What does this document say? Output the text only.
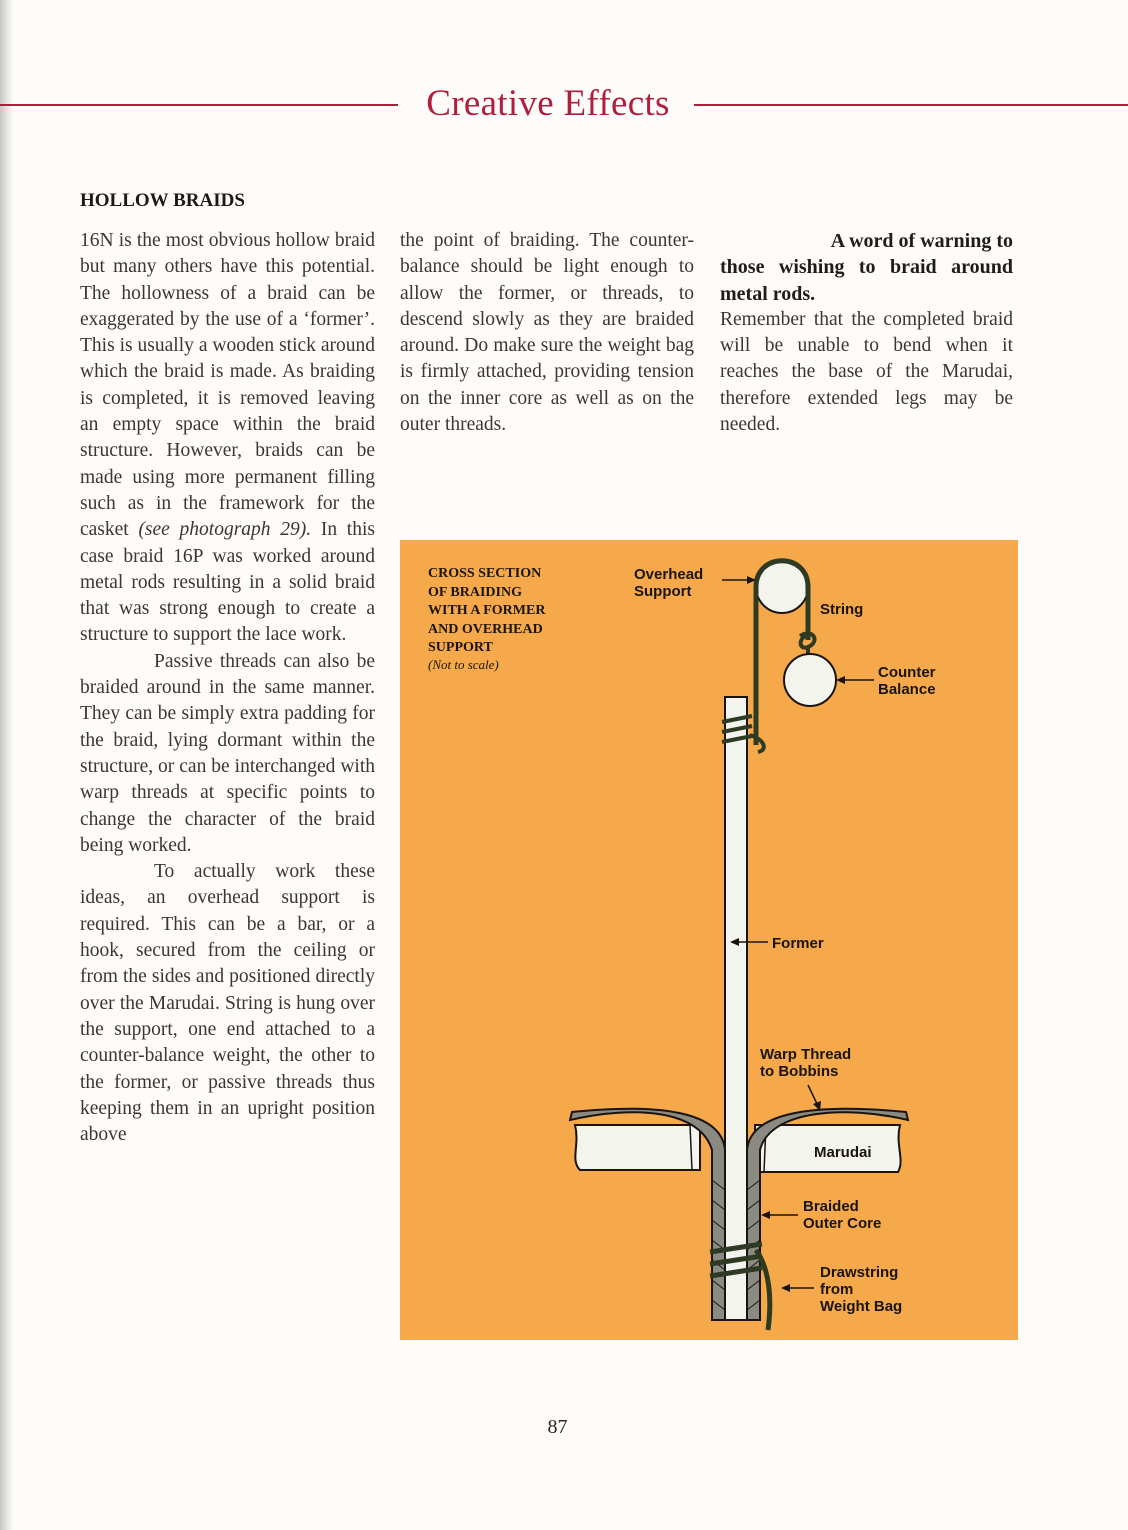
Creative Effects
HOLLOW BRAIDS

16N is the most obvious hollow braid but many others have this potential. The hollowness of a braid can be exaggerated by the use of a ‘former’. This is usually a wooden stick around which the braid is made. As braiding is completed, it is removed leaving an empty space within the braid structure. However, braids can be made using more permanent filling such as in the framework for the casket (see photograph 29). In this case braid 16P was worked around metal rods resulting in a solid braid that was strong enough to create a structure to support the lace work.

Passive threads can also be braided around in the same manner. They can be simply extra padding for the braid, lying dormant within the structure, or can be interchanged with warp threads at specific points to change the character of the braid being worked.

To actually work these ideas, an overhead support is required. This can be a bar, or a hook, secured from the ceiling or from the sides and positioned directly over the Marudai. String is hung over the support, one end attached to a counter-balance weight, the other to the former, or passive threads thus keeping them in an upright position above

the point of braiding. The counter-balance should be light enough to allow the former, or threads, to descend slowly as they are braided around. Do make sure the weight bag is firmly attached, providing tension on the inner core as well as on the outer threads.

A word of warning to

those wishing to braid around metal rods.

Remember that the completed braid will be unable to bend when it reaches the base of the Marudai, therefore extended legs may be needed.

CROSS SECTION
OF BRAIDING
WITH A FORMER
AND OVERHEAD
SUPPORT
(Not to scale)
Overhead
Support
String
Counter
Balance
Former
Warp Thread
to Bobbins
Marudai
Braided
Outer Core
Drawstring
from
Weight Bag
87
